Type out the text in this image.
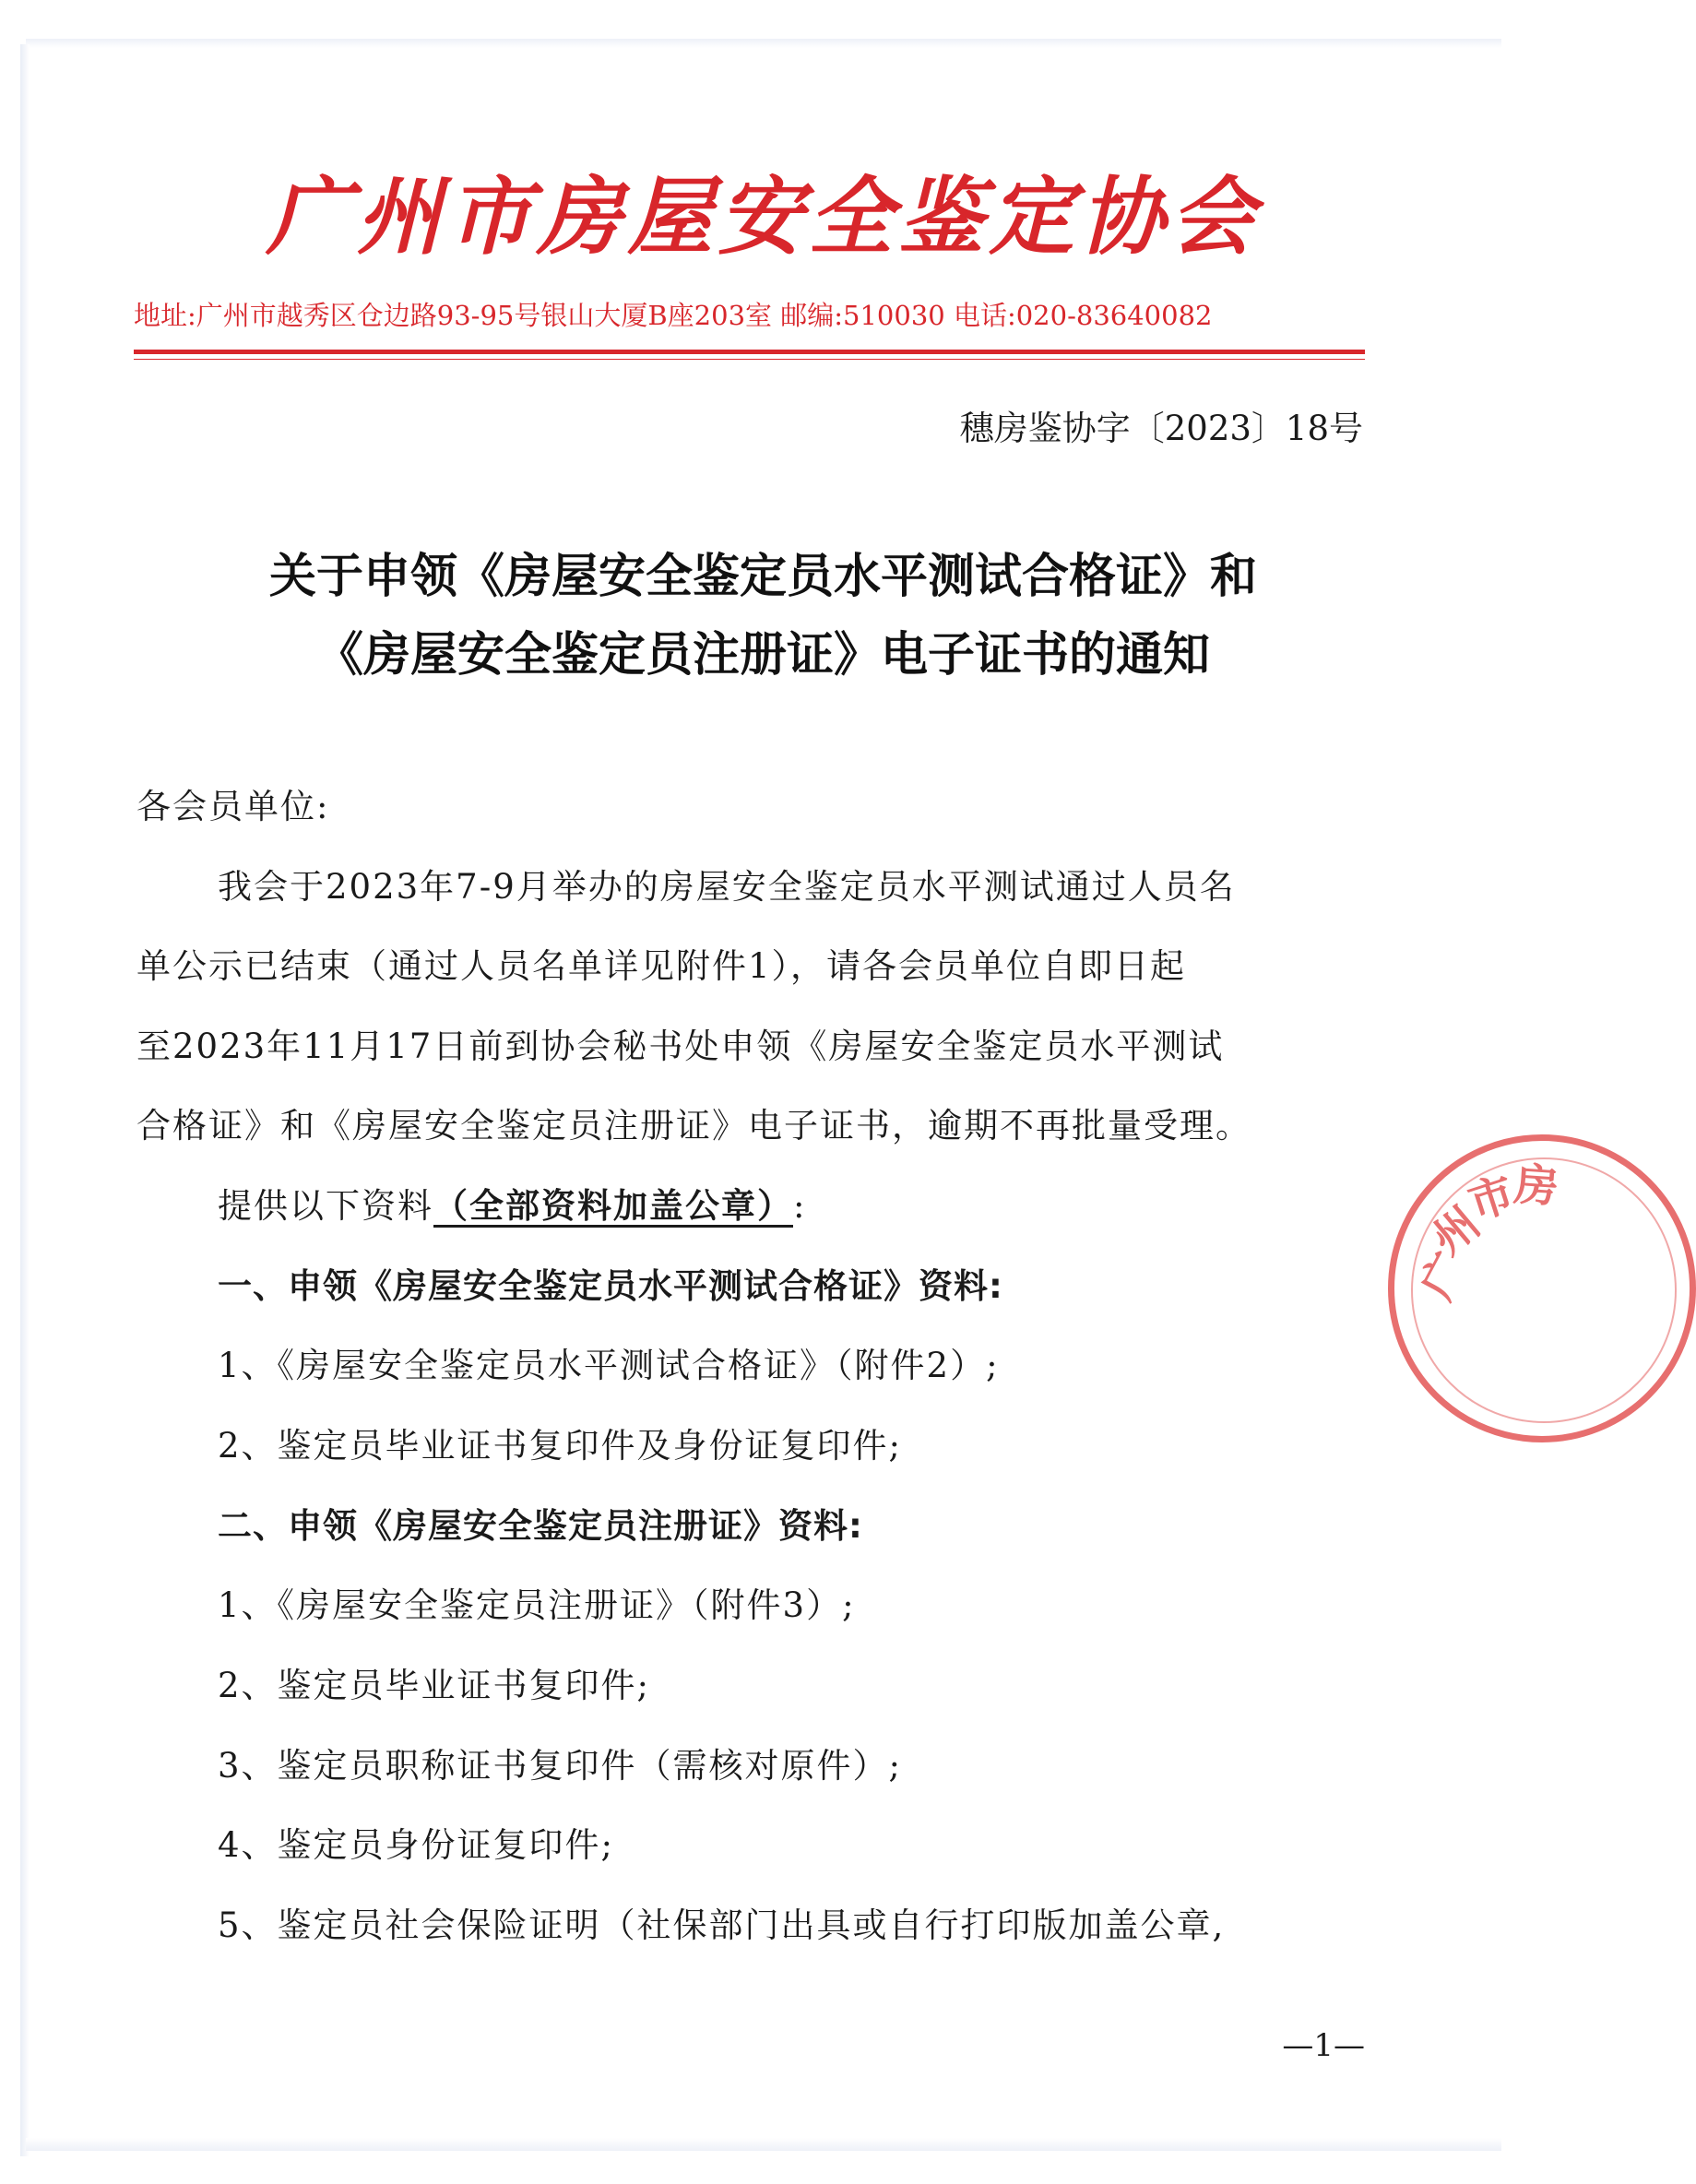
广州市房屋安全鉴定协会
地址:广州市越秀区仓边路93-95号银山大厦B座203室 邮编:510030 电话:020-83640082
穗房鉴协字〔2023〕18号
关于申领《房屋安全鉴定员水平测试合格证》和
《房屋安全鉴定员注册证》电子证书的通知
各会员单位:
我会于2023年7-9月举办的房屋安全鉴定员水平测试通过人员名
单公示已结束（通过人员名单详见附件1），请各会员单位自即日起
至2023年11月17日前到协会秘书处申领《房屋安全鉴定员水平测试
合格证》和《房屋安全鉴定员注册证》电子证书，逾期不再批量受理。
提供以下资料（全部资料加盖公章）:
一、申领《房屋安全鉴定员水平测试合格证》资料:
1、《房屋安全鉴定员水平测试合格证》（附件2）;
2、鉴定员毕业证书复印件及身份证复印件;
二、申领《房屋安全鉴定员注册证》资料:
1、《房屋安全鉴定员注册证》（附件3）;
2、鉴定员毕业证书复印件;
3、鉴定员职称证书复印件（需核对原件）;
4、鉴定员身份证复印件;
5、鉴定员社会保险证明（社保部门出具或自行打印版加盖公章,
广
州
市
房
—1—
